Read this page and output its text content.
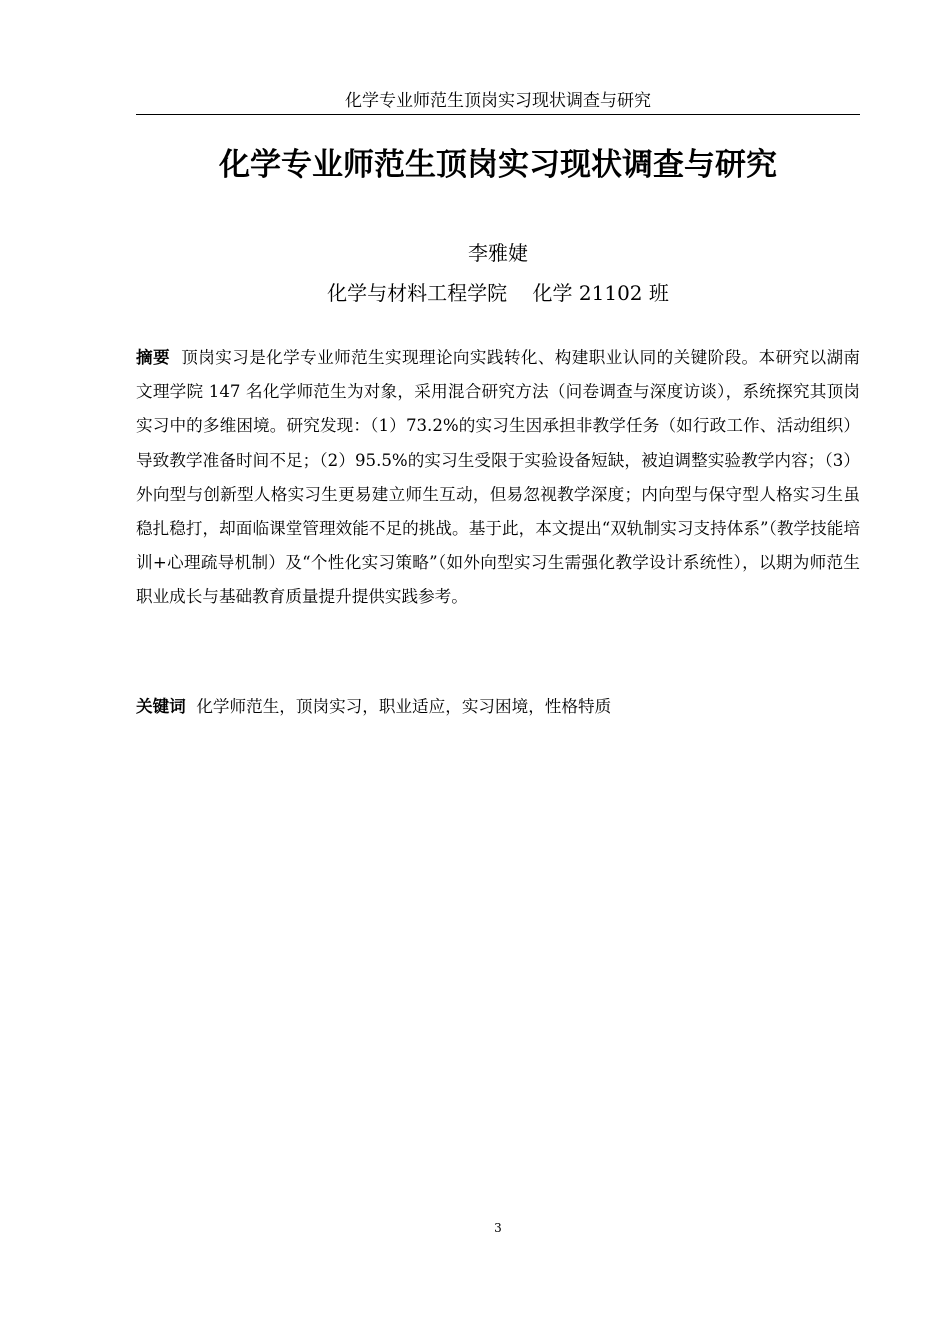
化学专业师范生顶岗实习现状调查与研究
化学专业师范生顶岗实习现状调查与研究
李雅婕
化学与材料工程学院    化学 21102 班

摘要 顶岗实习是化学专业师范生实现理论向实践转化、构建职业认同的关键阶段。本研究以湖南文理学院 147 名化学师范生为对象，采用混合研究方法（问卷调查与深度访谈），系统探究其顶岗实习中的多维困境。研究发现：（1）73.2%的实习生因承担非教学任务（如行政工作、活动组织）导致教学准备时间不足；（2）95.5%的实习生受限于实验设备短缺，被迫调整实验教学内容；（3）外向型与创新型人格实习生更易建立师生互动，但易忽视教学深度；内向型与保守型人格实习生虽稳扎稳打，却面临课堂管理效能不足的挑战。基于此，本文提出“双轨制实习支持体系”（教学技能培训+心理疏导机制）及“个性化实习策略”（如外向型实习生需强化教学设计系统性），以期为师范生职业成长与基础教育质量提升提供实践参考。

关键词 化学师范生，顶岗实习，职业适应，实习困境，性格特质

3
